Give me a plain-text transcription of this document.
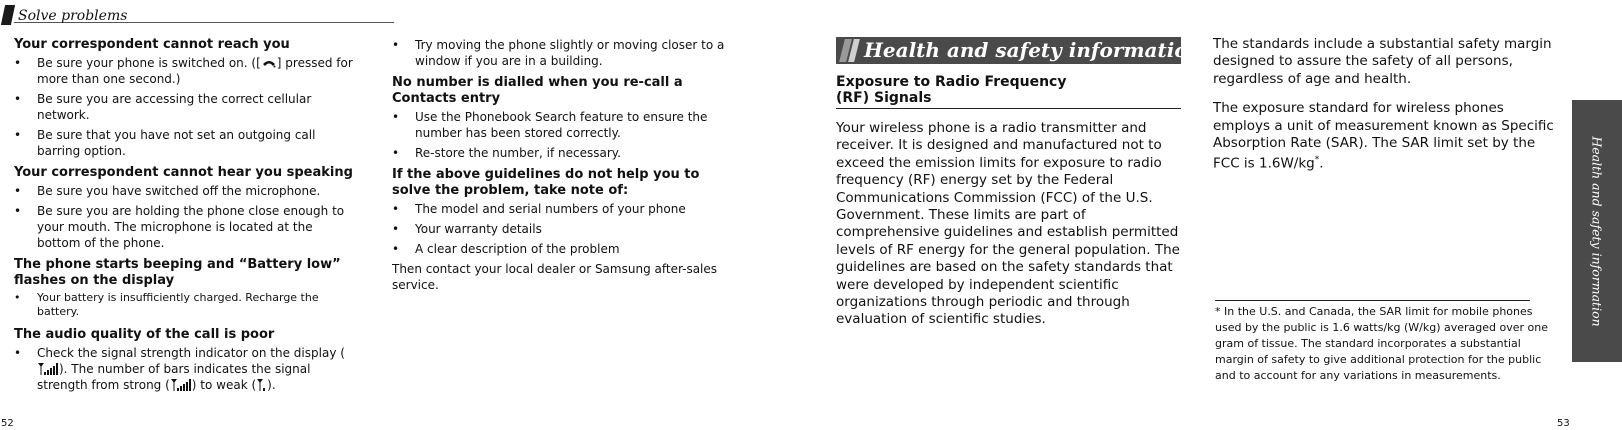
Solve problems
Your correspondent cannot reach you
• Be sure your phone is switched on. ([ ] pressed for more than one second.)
• Be sure you are accessing the correct cellular network.
• Be sure that you have not set an outgoing call barring option.
Your correspondent cannot hear you speaking
• Be sure you have switched off the microphone.
• Be sure you are holding the phone close enough to your mouth. The microphone is located at the bottom of the phone.
The phone starts beeping and “Battery low” flashes on the display
• Your battery is insufficiently charged. Recharge the battery.
The audio quality of the call is poor
• Check the signal strength indicator on the display (). The number of bars indicates the signal strength from strong ( ) to weak ( ).
• Try moving the phone slightly or moving closer to a window if you are in a building.
No number is dialled when you re-call a Contacts entry
• Use the Phonebook Search feature to ensure the number has been stored correctly.
• Re-store the number, if necessary.
If the above guidelines do not help you to solve the problem, take note of:
• The model and serial numbers of your phone
• Your warranty details
• A clear description of the problem

Then contact your local dealer or Samsung after-sales service.

52
Health and safety information
Exposure to Radio Frequency
(RF) Signals
Your wireless phone is a radio transmitter and receiver. It is designed and manufactured not to exceed the emission limits for exposure to radio frequency (RF) energy set by the Federal Communications Commission (FCC) of the U.S. Government. These limits are part of comprehensive guidelines and establish permitted levels of RF energy for the general population. The guidelines are based on the safety standards that were developed by independent scientific organizations through periodic and through evaluation of scientific studies.

The standards include a substantial safety margin designed to assure the safety of all persons, regardless of age and health.

The exposure standard for wireless phones employs a unit of measurement known as Specific Absorption Rate (SAR). The SAR limit set by the FCC is 1.6W/kg*.

* In the U.S. and Canada, the SAR limit for mobile phones used by the public is 1.6 watts/kg (W/kg) averaged over one gram of tissue. The standard incorporates a substantial margin of safety to give additional protection for the public and to account for any variations in measurements.
Health and safety information
53
